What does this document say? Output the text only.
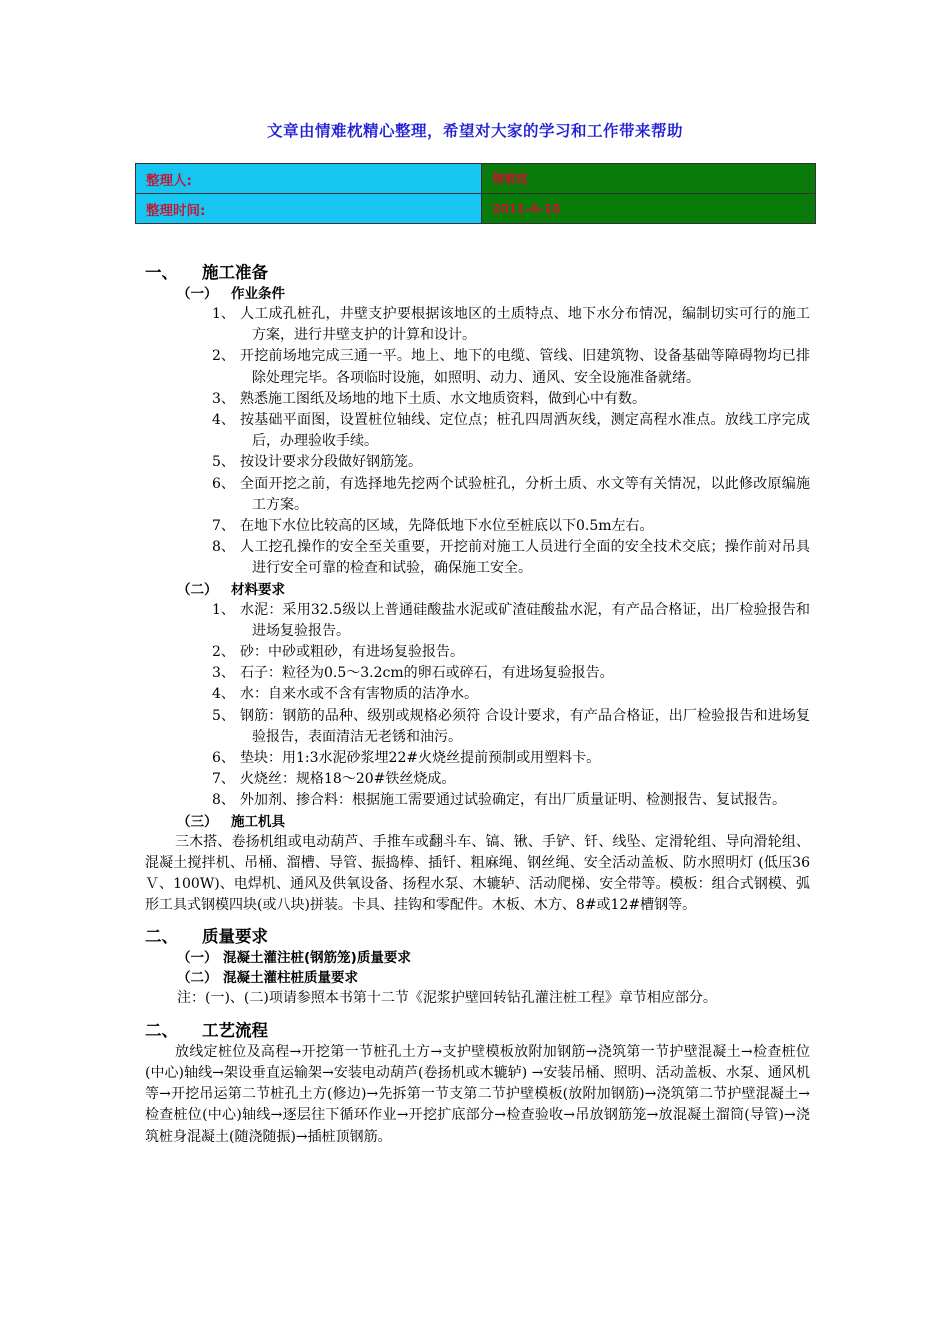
文章由情难枕精心整理，希望对大家的学习和工作带来帮助
整理人:	情难枕
整理时间:	2011-4-10
一、 施工准备
（一） 作业条件
1、 人工成孔桩孔，井壁支护要根据该地区的土质特点、地下水分布情况，编制切实可行的施工方案，进行井壁支护的计算和设计。
2、 开挖前场地完成三通一平。地上、地下的电缆、管线、旧建筑物、设备基础等障碍物均已排除处理完毕。各项临时设施，如照明、动力、通风、安全设施准备就绪。
3、 熟悉施工图纸及场地的地下土质、水文地质资料，做到心中有数。
4、 按基础平面图，设置桩位轴线、定位点；桩孔四周洒灰线，测定高程水准点。放线工序完成后，办理验收手续。
5、 按设计要求分段做好钢筋笼。
6、 全面开挖之前，有选择地先挖两个试验桩孔，分析土质、水文等有关情况，以此修改原编施工方案。
7、 在地下水位比较高的区域，先降低地下水位至桩底以下0.5m左右。
8、 人工挖孔操作的安全至关重要，开挖前对施工人员进行全面的安全技术交底；操作前对吊具进行安全可靠的检查和试验，确保施工安全。
（二） 材料要求
1、 水泥：采用32.5级以上普通硅酸盐水泥或矿渣硅酸盐水泥，有产品合格证，出厂检验报告和进场复验报告。
2、 砂：中砂或粗砂，有进场复验报告。
3、 石子：粒径为0.5～3.2cm的卵石或碎石，有进场复验报告。
4、 水：自来水或不含有害物质的洁净水。
5、 钢筋：钢筋的品种、级别或规格必须符 合设计要求，有产品合格证，出厂检验报告和进场复验报告，表面清洁无老锈和油污。
6、 垫块：用1:3水泥砂浆埋22#火烧丝提前预制或用塑料卡。
7、 火烧丝：规格18～20#铁丝烧成。
8、 外加剂、掺合料：根据施工需要通过试验确定，有出厂质量证明、检测报告、复试报告。
（三） 施工机具
三木搭、卷扬机组或电动葫芦、手推车或翻斗车、镐、锹、手铲、钎、线坠、定滑轮组、导向滑轮组、混凝土搅拌机、吊桶、溜槽、导管、振捣棒、插钎、粗麻绳、钢丝绳、安全活动盖板、防水照明灯 (低压36Ｖ、100W)、电焊机、通风及供氧设备、扬程水泵、木辘轳、活动爬梯、安全带等。模板：组合式钢模、弧形工具式钢模四块(或八块)拼装。卡具、挂钩和零配件。木板、木方、8#或12#槽钢等。
二、 质量要求
（一） 混凝土灌注桩(钢筋笼)质量要求
（二） 混凝土灌柱桩质量要求
注：(一)、(二)项请参照本书第十二节《泥浆护壁回转钻孔灌注桩工程》章节相应部分。
二、 工艺流程
放线定桩位及高程→开挖第一节桩孔土方→支护壁模板放附加钢筋→浇筑第一节护壁混凝土→检查桩位(中心)轴线→架设垂直运输架→安装电动葫芦(卷扬机或木辘轳) →安装吊桶、照明、活动盖板、水泵、通风机等→开挖吊运第二节桩孔土方(修边)→先拆第一节支第二节护壁模板(放附加钢筋)→浇筑第二节护壁混凝土→检查桩位(中心)轴线→逐层往下循环作业→开挖扩底部分→检查验收→吊放钢筋笼→放混凝土溜筒(导管)→浇筑桩身混凝土(随浇随振)→插桩顶钢筋。
